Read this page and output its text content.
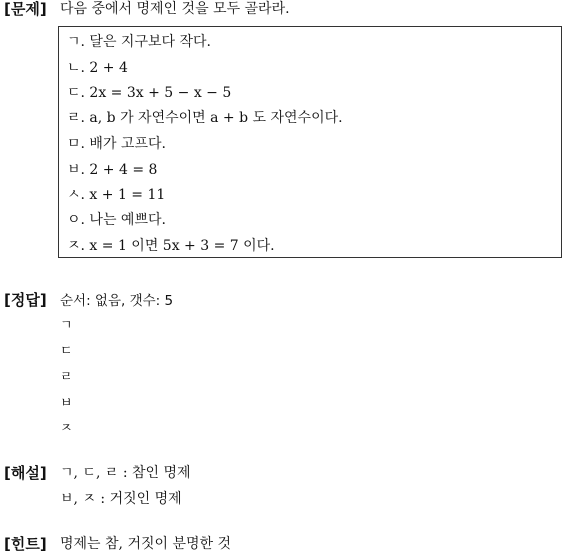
[문제] 다음 중에서 명제인 것을 모두 골라라.
ㄱ. 달은 지구보다 작다.
ㄴ. 2 + 4
ㄷ. 2x = 3x + 5 − x − 5
ㄹ. a, b 가 자연수이면 a + b 도 자연수이다.
ㅁ. 배가 고프다.
ㅂ. 2 + 4 = 8
ㅅ. x + 1 = 11
ㅇ. 나는 예쁘다.
ㅈ. x = 1 이면 5x + 3 = 7 이다.
[정답] 순서: 없음, 갯수: 5
ㄱ
ㄷ
ㄹ
ㅂ
ㅈ
[해설] ㄱ, ㄷ, ㄹ : 참인 명제
ㅂ, ㅈ : 거짓인 명제
[힌트] 명제는 참, 거짓이 분명한 것
